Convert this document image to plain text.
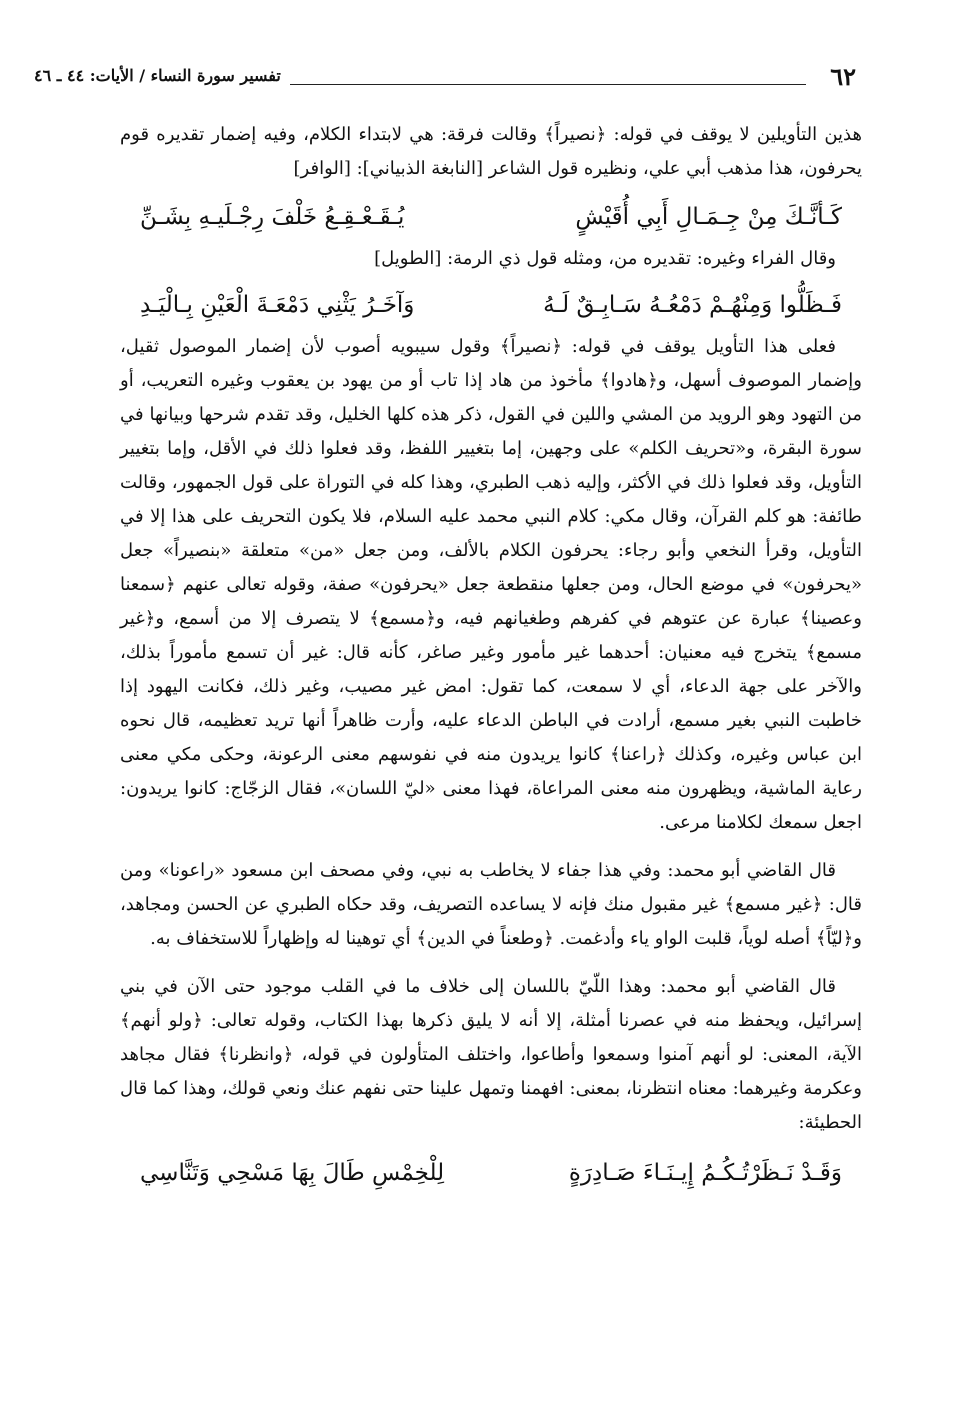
٦٢
تفسير سورة النساء / الأيات: ٤٤ ـ ٤٦

هذين التأويلين لا يوقف في قوله: ﴿نصيراً﴾ وقالت فرقة: هي لابتداء الكلام، وفيه إضمار تقديره قوم يحرفون، هذا مذهب أبي علي، ونظيره قول الشاعر [النابغة الذبياني]: [الوافر]

كَـأنَّـكَ مِنْ جِـمَـالِ أَبِي أُقَيْشٍ
يُـقَـعْـقِـعُ خَلْفَ رِجْـلَيـهِ بِشَـنِّ

وقال الفراء وغيره: تقديره من، ومثله قول ذي الرمة: [الطويل]

فَـظَلُّوا وَمِنْهُـمْ دَمْعُـهُ سَـابِـقٌ لَـهُ
وَآخَـرُ يَثْنِي دَمْعَـةَ الْعَيْنِ بِـالْيَـدِ

فعلى هذا التأويل يوقف في قوله: ﴿نصيراً﴾ وقول سيبويه أصوب لأن إضمار الموصول ثقيل، وإضمار الموصوف أسهل، و﴿هادوا﴾ مأخوذ من هاد إذا تاب أو من يهود بن يعقوب وغيره التعريب، أو من التهود وهو الرويد من المشي واللين في القول، ذكر هذه كلها الخليل، وقد تقدم شرحها وبيانها في سورة البقرة، و«تحريف الكلم» على وجهين، إما بتغيير اللفظ، وقد فعلوا ذلك في الأقل، وإما بتغيير التأويل، وقد فعلوا ذلك في الأكثر، وإليه ذهب الطبري، وهذا كله في التوراة على قول الجمهور، وقالت طائفة: هو كلم القرآن، وقال مكي: كلام النبي محمد عليه السلام، فلا يكون التحريف على هذا إلا في التأويل، وقرأ النخعي وأبو رجاء: يحرفون الكلام بالألف، ومن جعل «من» متعلقة «بنصيراً» جعل «يحرفون» في موضع الحال، ومن جعلها منقطعة جعل «يحرفون» صفة، وقوله تعالى عنهم ﴿سمعنا وعصينا﴾ عبارة عن عتوهم في كفرهم وطغيانهم فيه، و﴿مسمع﴾ لا يتصرف إلا من أسمع، و﴿غير مسمع﴾ يتخرج فيه معنيان: أحدهما غير مأمور وغير صاغر، كأنه قال: غير أن تسمع مأموراً بذلك، والآخر على جهة الدعاء، أي لا سمعت، كما تقول: امض غير مصيب، وغير ذلك، فكانت اليهود إذا خاطبت النبي بغير مسمع، أرادت في الباطن الدعاء عليه، وأرت ظاهراً أنها تريد تعظيمه، قال نحوه ابن عباس وغيره، وكذلك ﴿راعنا﴾ كانوا يريدون منه في نفوسهم معنى الرعونة، وحكى مكي معنى رعاية الماشية، ويظهرون منه معنى المراعاة، فهذا معنى «ليّ اللسان»، فقال الزجّاج: كانوا يريدون: اجعل سمعك لكلامنا مرعى.

قال القاضي أبو محمد: وفي هذا جفاء لا يخاطب به نبي، وفي مصحف ابن مسعود «راعونا» ومن قال: ﴿غير مسمع﴾ غير مقبول منك فإنه لا يساعده التصريف، وقد حكاه الطبري عن الحسن ومجاهد، و﴿ليّاً﴾ أصله لوياً، قلبت الواو ياء وأدغمت. ﴿وطعناً في الدين﴾ أي توهينا له وإظهاراً للاستخفاف به.

قال القاضي أبو محمد: وهذا اللّيّ باللسان إلى خلاف ما في القلب موجود حتى الآن في بني إسرائيل، ويحفظ منه في عصرنا أمثلة، إلا أنه لا يليق ذكرها بهذا الكتاب، وقوله تعالى: ﴿ولو أنهم﴾ الآية، المعنى: لو أنهم آمنوا وسمعوا وأطاعوا، واختلف المتأولون في قوله، ﴿وانظرنا﴾ فقال مجاهد وعكرمة وغيرهما: معناه انتظرنا، بمعنى: افهمنا وتمهل علينا حتى نفهم عنك ونعي قولك، وهذا كما قال الحطيئة:

وَقَـدْ نَـظَرْتُـكُـمُ إِيـنَـاءَ صَـادِرَةٍ
لِلْخِمْسِ طَالَ بِهَا مَسْحِي وَتَنَّاسِي
